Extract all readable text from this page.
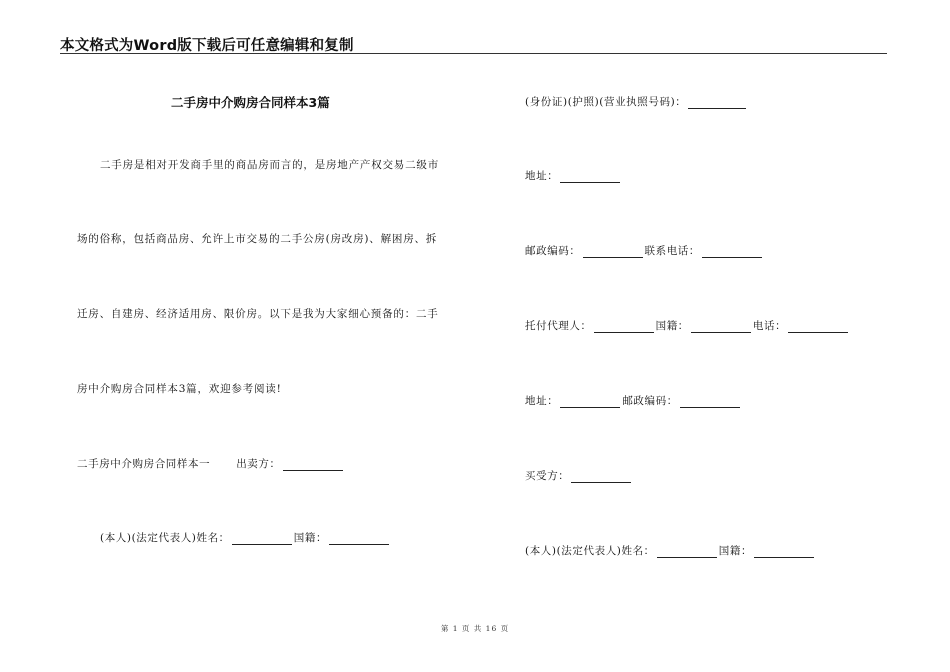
本文格式为Word版下载后可任意编辑和复制
二手房中介购房合同样本3篇
二手房是相对开发商手里的商品房而言的，是房地产产权交易二级市
场的俗称，包括商品房、允许上市交易的二手公房(房改房)、解困房、拆
迁房、自建房、经济适用房、限价房。以下是我为大家细心预备的：二手
房中介购房合同样本3篇，欢迎参考阅读!
二手房中介购房合同样本一 出卖方：
(本人)(法定代表人)姓名：	国籍：
(身份证)(护照)(营业执照号码)：
地址：
邮政编码：	联系电话：
托付代理人：	国籍：	电话：
地址：	邮政编码：
买受方：
(本人)(法定代表人)姓名：	国籍：
第 1 页 共 16 页
